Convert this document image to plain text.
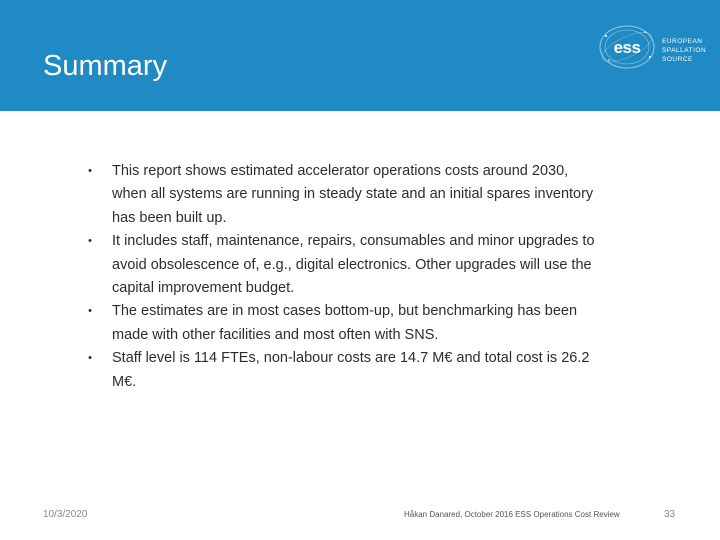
Summary
ess	EUROPEAN
SPALLATION
SOURCE
• This report shows estimated accelerator operations costs around 2030, when all systems are running in steady state and an initial spares inventory has been built up.
• It includes staff, maintenance, repairs, consumables and minor upgrades to avoid obsolescence of, e.g., digital electronics. Other upgrades will use the capital improvement budget.
• The estimates are in most cases bottom-up, but benchmarking has been made with other facilities and most often with SNS.
• Staff level is 114 FTEs, non-labour costs are 14.7 M€ and total cost is 26.2 M€.
10/3/2020	Håkan Danared, October 2016 ESS Operations Cost Review	33
